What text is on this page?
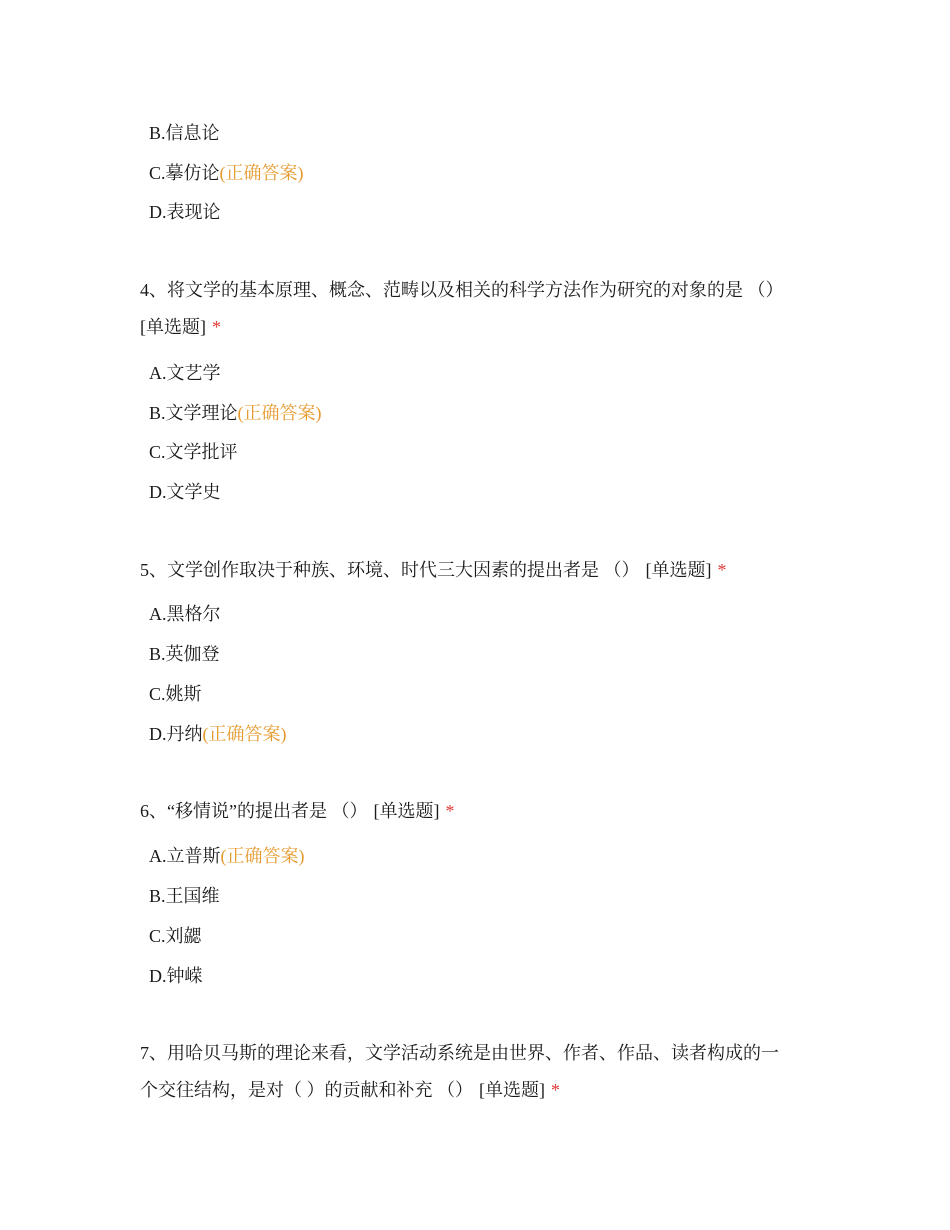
B.信息论
C.摹仿论(正确答案)
D.表现论
4、将文学的基本原理、概念、范畴以及相关的科学方法作为研究的对象的是 （）
[单选题] *
A.文艺学
B.文学理论(正确答案)
C.文学批评
D.文学史
5、文学创作取决于种族、环境、时代三大因素的提出者是 （） [单选题] *
A.黑格尔
B.英伽登
C.姚斯
D.丹纳(正确答案)
6、“移情说”的提出者是 （） [单选题] *
A.立普斯(正确答案)
B.王国维
C.刘勰
D.钟嵘
7、用哈贝马斯的理论来看，文学活动系统是由世界、作者、作品、读者构成的一
个交往结构，是对（ ）的贡献和补充 （） [单选题] *
